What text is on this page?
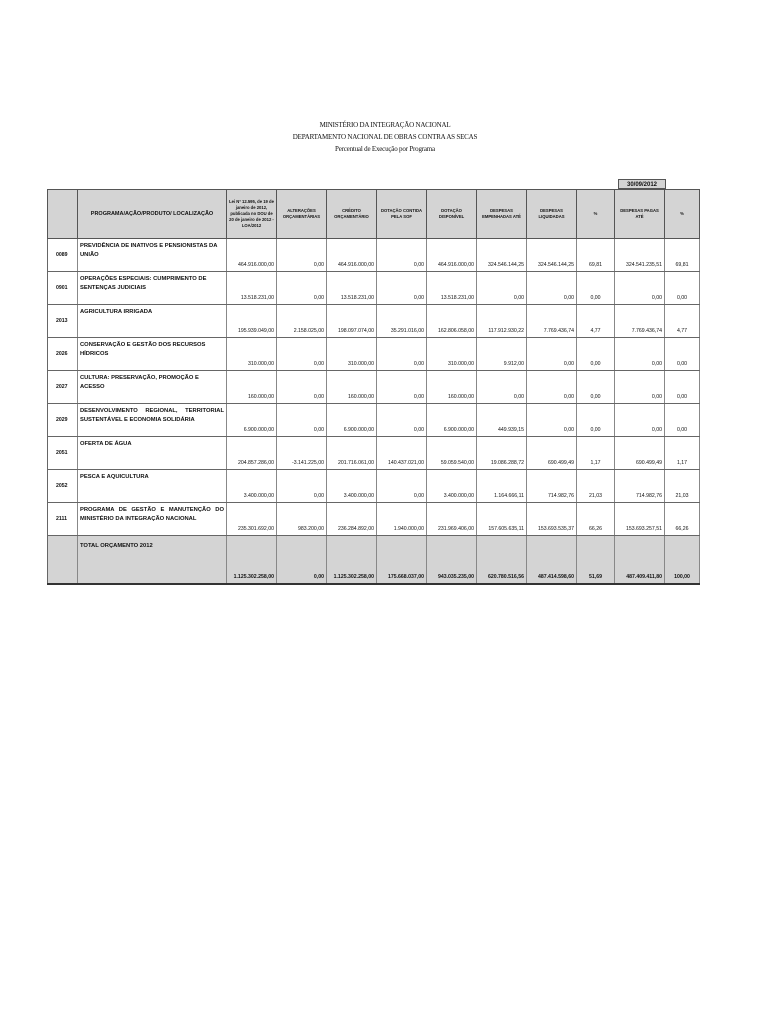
MINISTÉRIO DA INTEGRAÇÃO NACIONAL
DEPARTAMENTO NACIONAL DE OBRAS CONTRA AS SECAS
Percentual de Execução por Programa
30/09/2012
	PROGRAMA/AÇÃO/PRODUTO/ LOCALIZAÇÃO	Lei Nº 12.595, de 19 de janeiro de 2012, publicada no DOU de 20 de janeiro de 2012 - LOA/2012	ALTERAÇÕES ORÇAMENTÁRIAS	CRÉDITO ORÇAMENTÁRIO	DOTAÇÃO CONTIDA PELA SOF	DOTAÇÃO DISPONÍVEL	DESPESAS EMPENHADAS ATÉ	DESPESAS LIQUIDADAS	%	DESPESAS PAGAS ATÉ	%
0089	PREVIDÊNCIA DE INATIVOS E PENSIONISTAS DA UNIÃO	464.916.000,00	0,00	464.916.000,00	0,00	464.916.000,00	324.546.144,25	324.546.144,25	69,81	324.541.235,51	69,81
0901	OPERAÇÕES ESPECIAIS: CUMPRIMENTO DE SENTENÇAS JUDICIAIS	13.518.231,00	0,00	13.518.231,00	0,00	13.518.231,00	0,00	0,00	0,00	0,00	0,00
2013	AGRICULTURA IRRIGADA	195.939.049,00	2.158.025,00	198.097.074,00	35.291.016,00	162.806.058,00	117.912.930,22	7.769.436,74	4,77	7.769.436,74	4,77
2026	CONSERVAÇÃO E GESTÃO DOS RECURSOS HÍDRICOS	310.000,00	0,00	310.000,00	0,00	310.000,00	9.912,00	0,00	0,00	0,00	0,00
2027	CULTURA: PRESERVAÇÃO, PROMOÇÃO E ACESSO	160.000,00	0,00	160.000,00	0,00	160.000,00	0,00	0,00	0,00	0,00	0,00
2029	DESENVOLVIMENTO REGIONAL, TERRITORIAL SUSTENTÁVEL E ECONOMIA SOLIDÁRIA	6.900.000,00	0,00	6.900.000,00	0,00	6.900.000,00	449.939,15	0,00	0,00	0,00	0,00
2051	OFERTA DE ÁGUA	204.857.286,00	-3.141.225,00	201.716.061,00	140.437.021,00	59.059.540,00	19.086.288,72	690.499,49	1,17	690.499,49	1,17
2052	PESCA E AQUICULTURA	3.400.000,00	0,00	3.400.000,00	0,00	3.400.000,00	1.164.666,11	714.982,76	21,03	714.982,76	21,03
2111	PROGRAMA DE GESTÃO E MANUTENÇÃO DO MINISTÉRIO DA INTEGRAÇÃO NACIONAL	235.301.692,00	983.200,00	236.284.892,00	1.940.000,00	231.969.406,00	157.605.635,11	153.693.535,37	66,26	153.693.257,51	66,26
	TOTAL ORÇAMENTO 2012	1.125.302.258,00	0,00	1.125.302.258,00	175.668.037,00	943.035.235,00	620.780.516,56	487.414.598,60	51,69	487.409.411,80	100,00
